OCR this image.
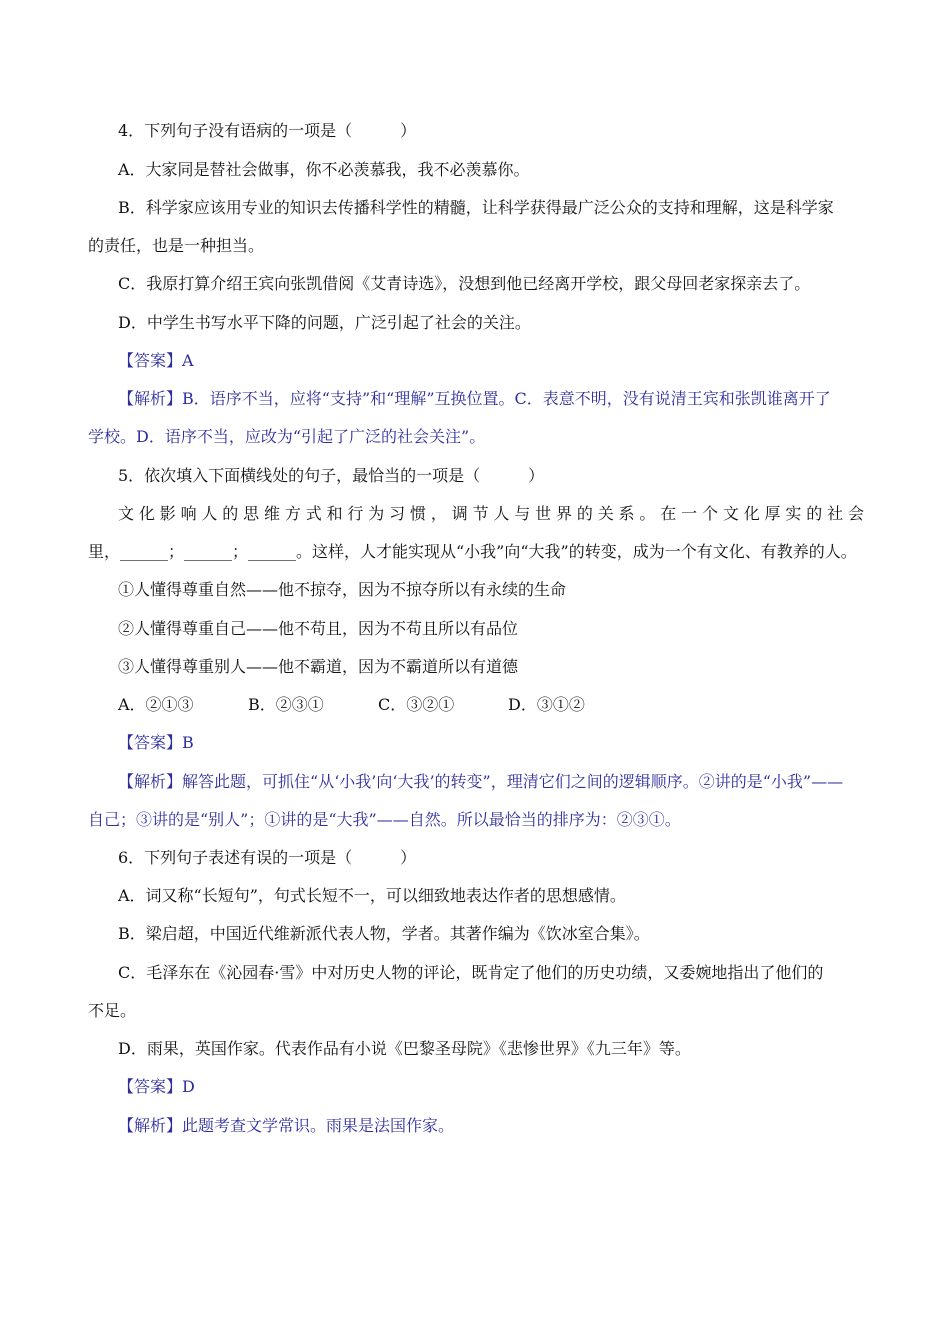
4．下列句子没有语病的一项是（　　　）
A．大家同是替社会做事，你不必羡慕我，我不必羡慕你。
B．科学家应该用专业的知识去传播科学性的精髓，让科学获得最广泛公众的支持和理解，这是科学家
的责任，也是一种担当。
C．我原打算介绍王宾向张凯借阅《艾青诗选》，没想到他已经离开学校，跟父母回老家探亲去了。
D．中学生书写水平下降的问题，广泛引起了社会的关注。
【答案】A
【解析】B．语序不当，应将“支持”和“理解”互换位置。C．表意不明，没有说清王宾和张凯谁离开了
学校。D．语序不当，应改为“引起了广泛的社会关注”。
5．依次填入下面横线处的句子，最恰当的一项是（　　　）
文化影响人的思维方式和行为习惯，调节人与世界的关系。在一个文化厚实的社会
里，______；______；______。这样，人才能实现从“小我”向“大我”的转变，成为一个有文化、有教养的人。
①人懂得尊重自然——他不掠夺，因为不掠夺所以有永续的生命
②人懂得尊重自己——他不苟且，因为不苟且所以有品位
③人懂得尊重别人——他不霸道，因为不霸道所以有道德
A．②①③	B．②③①	C．③②①	D．③①②
【答案】B
【解析】解答此题，可抓住“从‘小我’向‘大我’的转变”，理清它们之间的逻辑顺序。②讲的是“小我”——
自己；③讲的是“别人”；①讲的是“大我”——自然。所以最恰当的排序为：②③①。
6．下列句子表述有误的一项是（　　　）
A．词又称“长短句”，句式长短不一，可以细致地表达作者的思想感情。
B．梁启超，中国近代维新派代表人物，学者。其著作编为《饮冰室合集》。
C．毛泽东在《沁园春·雪》中对历史人物的评论，既肯定了他们的历史功绩，又委婉地指出了他们的
不足。
D．雨果，英国作家。代表作品有小说《巴黎圣母院》《悲惨世界》《九三年》等。
【答案】D
【解析】此题考查文学常识。雨果是法国作家。
